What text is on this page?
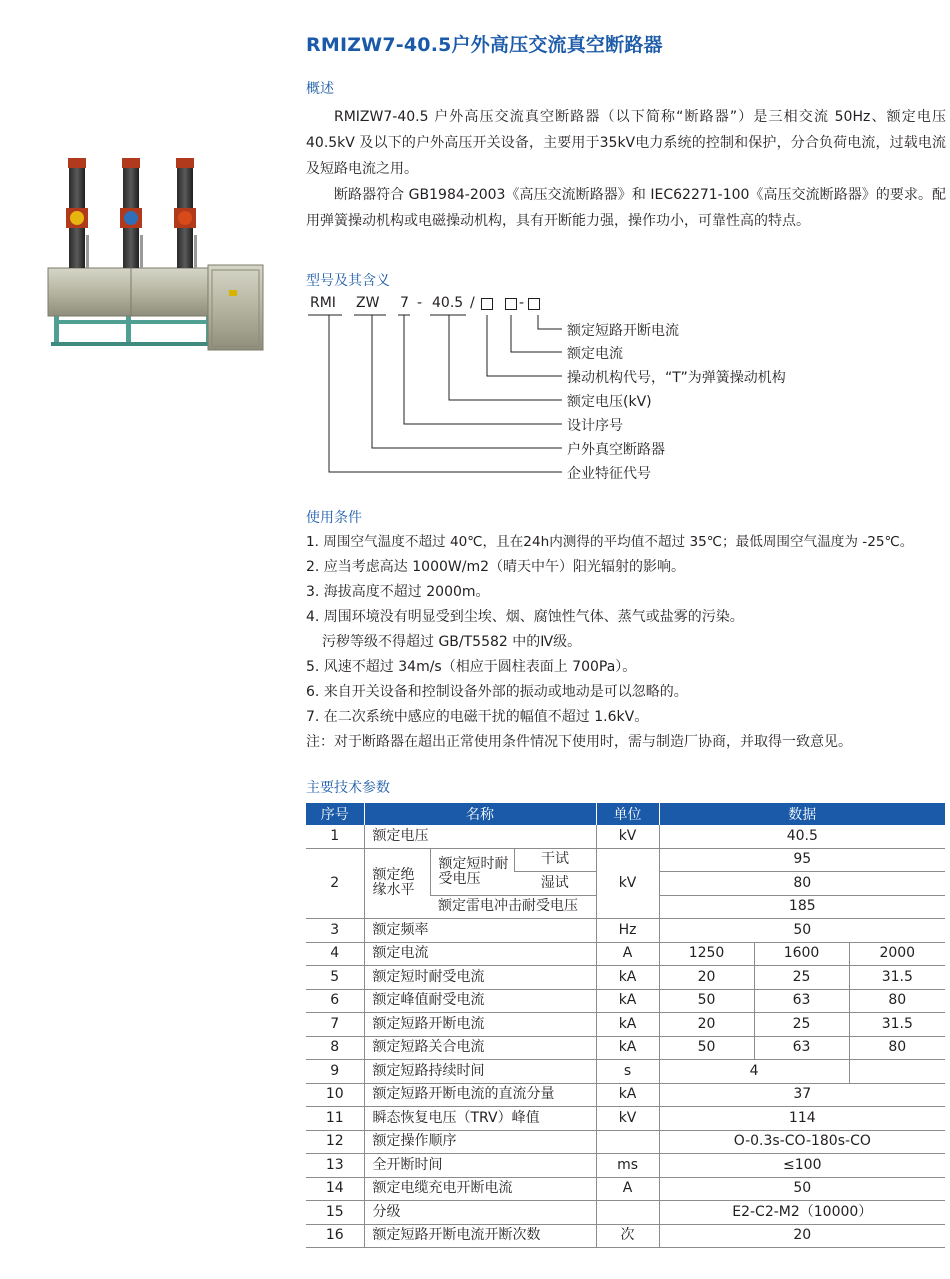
RMIZW7-40.5户外高压交流真空断路器
概述

RMIZW7-40.5 户外高压交流真空断路器（以下简称“断路器”）是三相交流 50Hz、额定电压 40.5kV 及以下的户外高压开关设备，主要用于35kV电力系统的控制和保护，分合负荷电流，过载电流及短路电流之用。

断路器符合 GB1984-2003《高压交流断路器》和 IEC62271-100《高压交流断路器》的要求。配用弹簧操动机构或电磁操动机构，具有开断能力强，操作功小，可靠性高的特点。

型号及其含义
RMI ZW 7 - 40.5 /	-
额定短路开断电流
额定电流
操动机构代号，“T”为弹簧操动机构
额定电压(kV)
设计序号
户外真空断路器
企业特征代号
使用条件
1. 周围空气温度不超过 40℃，且在24h内测得的平均值不超过 35℃；最低周围空气温度为 -25℃。
2. 应当考虑高达 1000W/m2（晴天中午）阳光辐射的影响。
3. 海拔高度不超过 2000m。
4. 周围环境没有明显受到尘埃、烟、腐蚀性气体、蒸气或盐雾的污染。
污秽等级不得超过 GB/T5582 中的Ⅳ级。
5. 风速不超过 34m/s（相应于圆柱表面上 700Pa）。
6. 来自开关设备和控制设备外部的振动或地动是可以忽略的。
7. 在二次系统中感应的电磁干扰的幅值不超过 1.6kV。
注：对于断路器在超出正常使用条件情况下使用时，需与制造厂协商，并取得一致意见。
主要技术参数
序号	名称			单位	数据		
1	额定电压			kV	40.5		
2	额定绝缘水平	额定短时耐受电压	干试	kV	95		
			湿试		80		
		额定雷电冲击耐受电压			185		
3	额定频率			Hz	50		
4	额定电流			A	1250	1600	2000
5	额定短时耐受电流			kA	20	25	31.5
6	额定峰值耐受电流			kA	50	63	80
7	额定短路开断电流			kA	20	25	31.5
8	额定短路关合电流			kA	50	63	80
9	额定短路持续时间			s	4		
10	额定短路开断电流的直流分量			kA	37		
11	瞬态恢复电压（TRV）峰值			kV	114		
12	额定操作顺序				O-0.3s-CO-180s-CO		
13	全开断时间			ms	≤100		
14	额定电缆充电开断电流			A	50		
15	分级				E2-C2-M2（10000）		
16	额定短路开断电流开断次数			次	20		
